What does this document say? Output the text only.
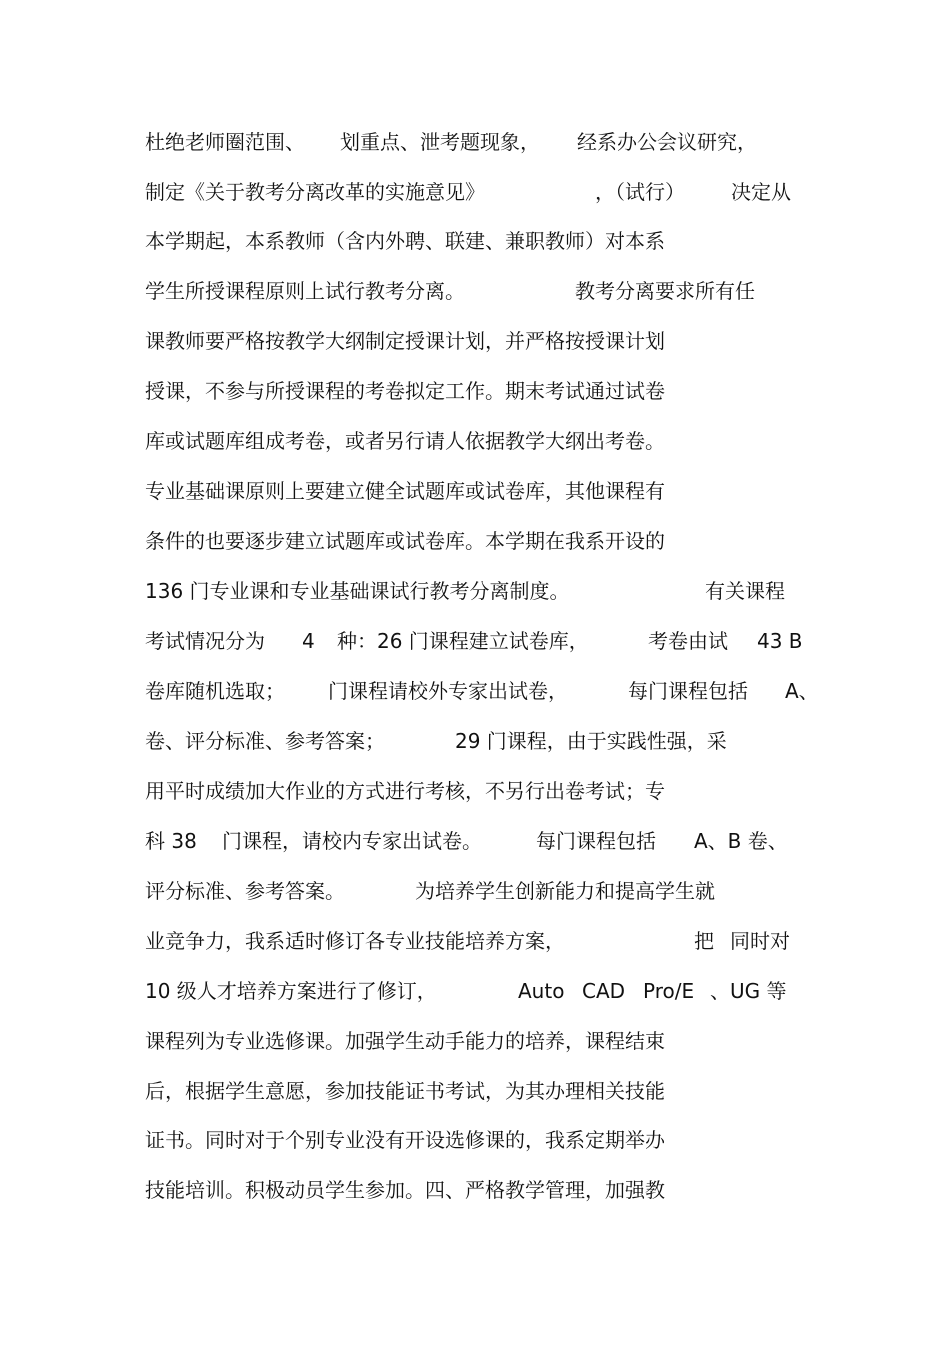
杜绝老师圈范围、 划重点、泄考题现象， 经系办公会议研究，
制定《关于教考分离改革的实施意见》	，（试行） 决定从
本学期起，本系教师（含内外聘、联建、兼职教师）对本系
学生所授课程原则上试行教考分离。	教考分离要求所有任
课教师要严格按教学大纲制定授课计划，并严格按授课计划
授课，不参与所授课程的考卷拟定工作。期末考试通过试卷
库或试题库组成考卷，或者另行请人依据教学大纲出考卷。
专业基础课原则上要建立健全试题库或试卷库，其他课程有
条件的也要逐步建立试题库或试卷库。本学期在我系开设的
136 门专业课和专业基础课试行教考分离制度。	有关课程
考试情况分为 4 种：26 门课程建立试卷库，	考卷由试 43 B
卷库随机选取； 门课程请校外专家出试卷，	每门课程包括 A、
卷、评分标准、参考答案；	29 门课程，由于实践性强，采
用平时成绩加大作业的方式进行考核，不另行出卷考试；专
科 38 门课程，请校内专家出试卷。	每门课程包括 A、B 卷、
评分标准、参考答案。	为培养学生创新能力和提高学生就
业竞争力，我系适时修订各专业技能培养方案，	把 同时对
10 级人才培养方案进行了修订，	Auto CAD Pro/E 、UG 等
课程列为专业选修课。加强学生动手能力的培养，课程结束
后，根据学生意愿，参加技能证书考试，为其办理相关技能
证书。同时对于个别专业没有开设选修课的，我系定期举办
技能培训。积极动员学生参加。四、严格教学管理，加强教
